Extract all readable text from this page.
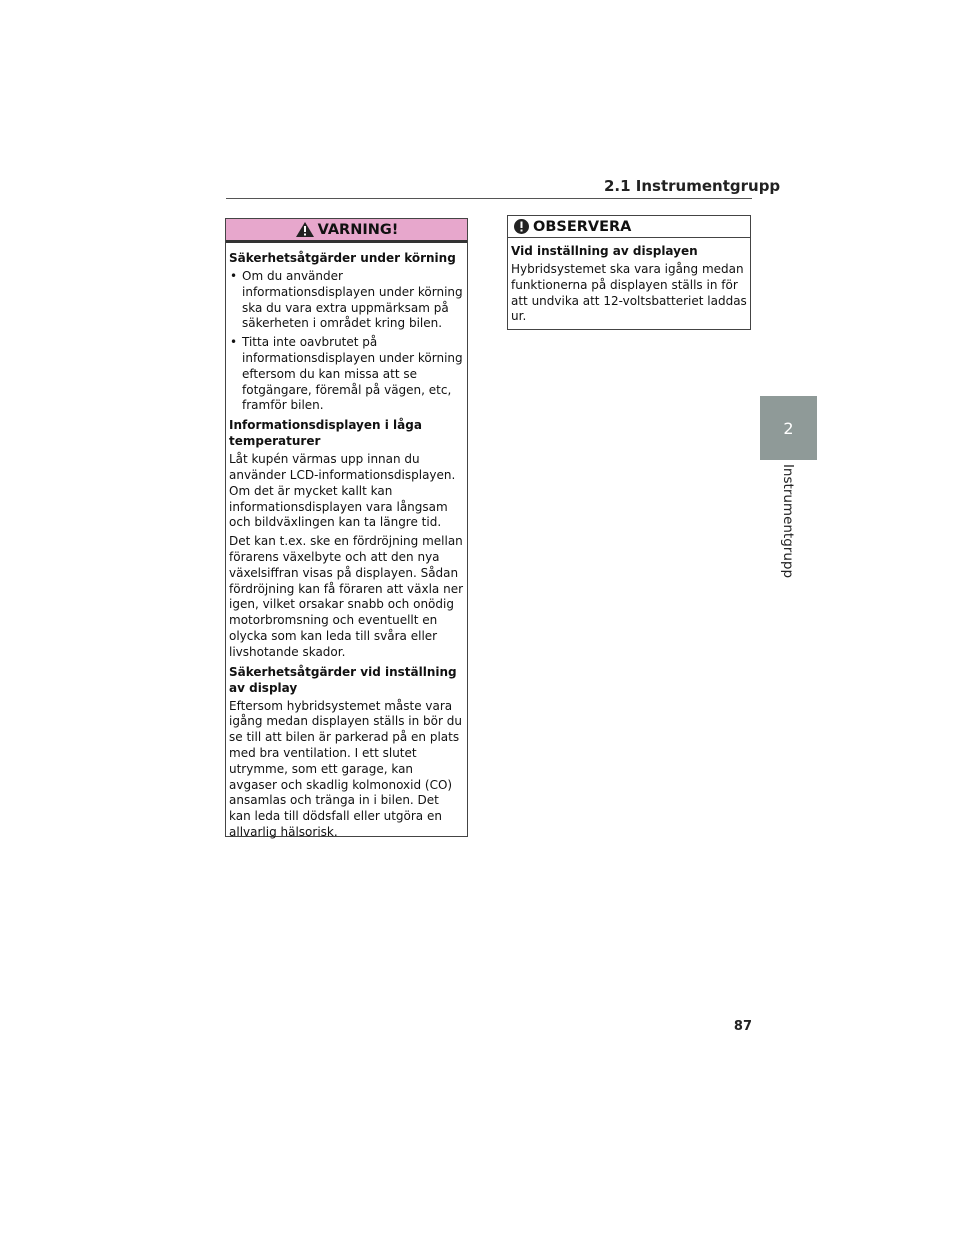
2.1 Instrumentgrupp
VARNING!
Säkerhetsåtgärder under körning
• Om du använder informationsdisplayen under körning ska du vara extra uppmärksam på säkerheten i området kring bilen.
• Titta inte oavbrutet på informationsdisplayen under körning eftersom du kan missa att se fotgängare, föremål på vägen, etc, framför bilen.
Informationsdisplayen i låga temperaturer
Låt kupén värmas upp innan du använder LCD-informationsdisplayen. Om det är mycket kallt kan informationsdisplayen vara långsam och bildväxlingen kan ta längre tid.
Det kan t.ex. ske en fördröjning mellan förarens växelbyte och att den nya växelsiffran visas på displayen. Sådan fördröjning kan få föraren att växla ner igen, vilket orsakar snabb och onödig motorbromsning och eventuellt en olycka som kan leda till svåra eller livshotande skador.
Säkerhetsåtgärder vid inställning av display
Eftersom hybridsystemet måste vara igång medan displayen ställs in bör du se till att bilen är parkerad på en plats med bra ventilation. I ett slutet utrymme, som ett garage, kan avgaser och skadlig kolmonoxid (CO) ansamlas och tränga in i bilen. Det kan leda till dödsfall eller utgöra en allvarlig hälsorisk.
OBSERVERA
Vid inställning av displayen
Hybridsystemet ska vara igång medan funktionerna på displayen ställs in för att undvika att 12-voltsbatteriet laddas ur.
2
Instrumentgrupp
87
